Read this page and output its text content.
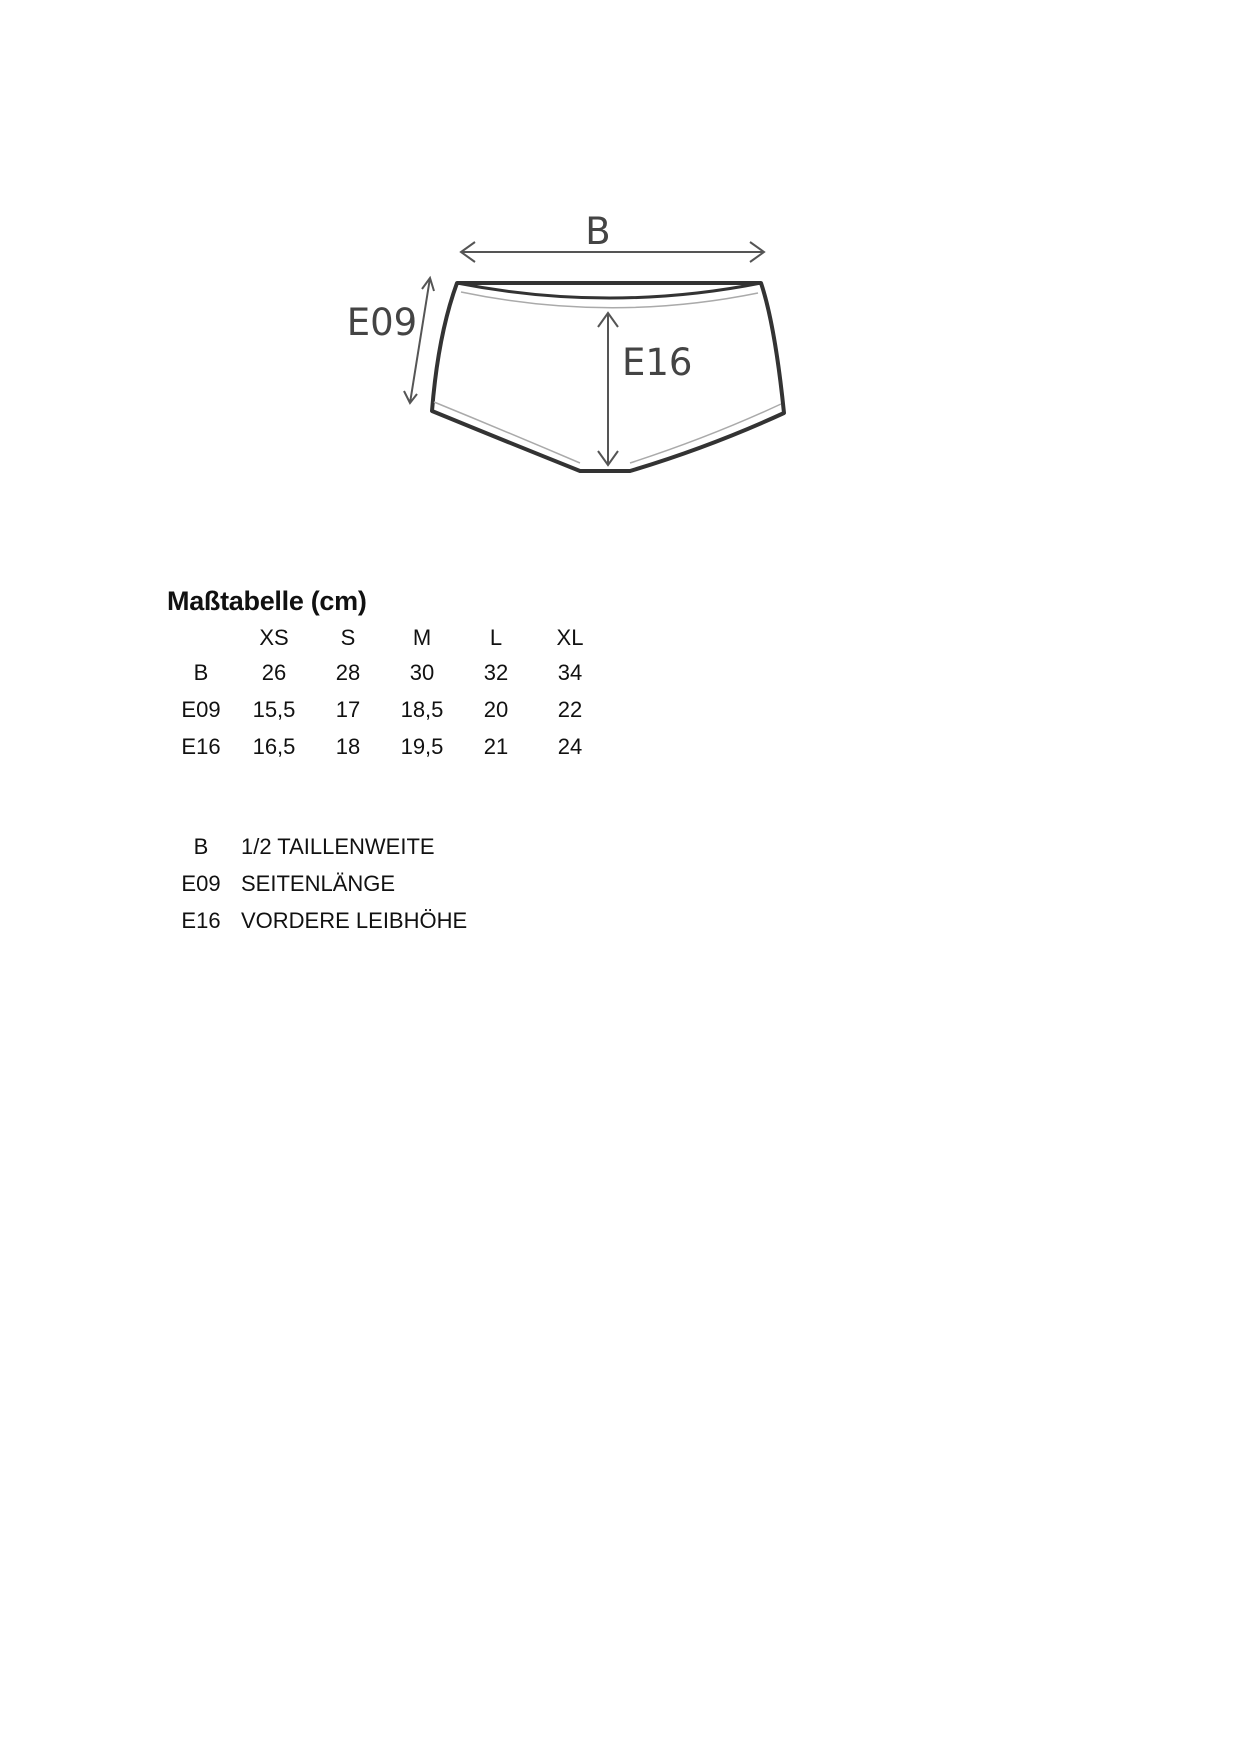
B
E09
E16
Maßtabelle (cm)
	XS	S	M	L	XL
B	26	28	30	32	34
E09	15,5	17	18,5	20	22
E16	16,5	18	19,5	21	24
B	1/2 TAILLENWEITE
E09	SEITENLÄNGE
E16	VORDERE LEIBHÖHE
